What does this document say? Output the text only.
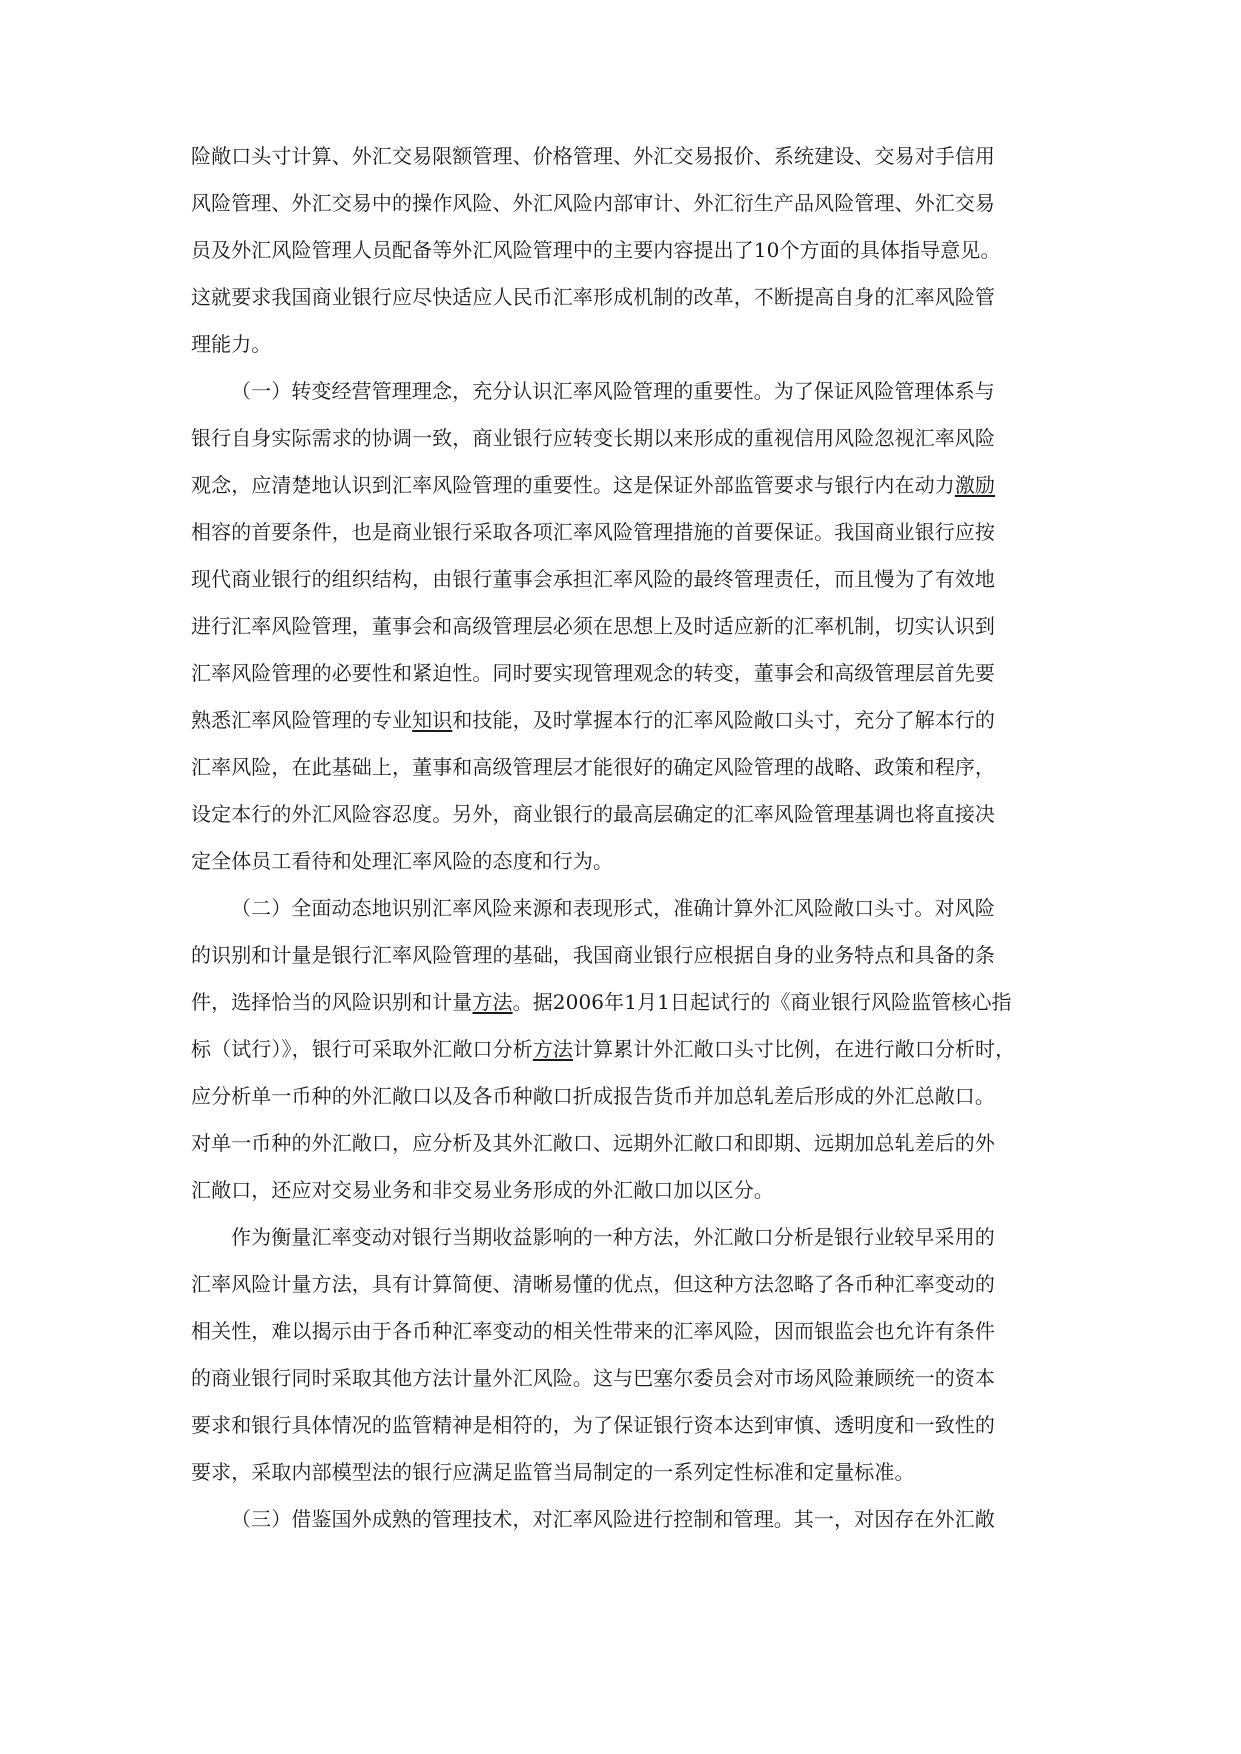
险敞口头寸计算、外汇交易限额管理、价格管理、外汇交易报价、系统建设、交易对手信用
风险管理、外汇交易中的操作风险、外汇风险内部审计、外汇衍生产品风险管理、外汇交易
员及外汇风险管理人员配备等外汇风险管理中的主要内容提出了10个方面的具体指导意见。
这就要求我国商业银行应尽快适应人民币汇率形成机制的改革，不断提高自身的汇率风险管
理能力。
（一）转变经营管理理念，充分认识汇率风险管理的重要性。为了保证风险管理体系与
银行自身实际需求的协调一致，商业银行应转变长期以来形成的重视信用风险忽视汇率风险
观念，应清楚地认识到汇率风险管理的重要性。这是保证外部监管要求与银行内在动力激励
相容的首要条件，也是商业银行采取各项汇率风险管理措施的首要保证。我国商业银行应按
现代商业银行的组织结构，由银行董事会承担汇率风险的最终管理责任，而且慢为了有效地
进行汇率风险管理，董事会和高级管理层必须在思想上及时适应新的汇率机制，切实认识到
汇率风险管理的必要性和紧迫性。同时要实现管理观念的转变，董事会和高级管理层首先要
熟悉汇率风险管理的专业知识和技能，及时掌握本行的汇率风险敞口头寸，充分了解本行的
汇率风险，在此基础上，董事和高级管理层才能很好的确定风险管理的战略、政策和程序，
设定本行的外汇风险容忍度。另外，商业银行的最高层确定的汇率风险管理基调也将直接决
定全体员工看待和处理汇率风险的态度和行为。
（二）全面动态地识别汇率风险来源和表现形式，准确计算外汇风险敞口头寸。对风险
的识别和计量是银行汇率风险管理的基础，我国商业银行应根据自身的业务特点和具备的条
件，选择恰当的风险识别和计量方法。据2006年1月1日起试行的《商业银行风险监管核心指
标（试行）》，银行可采取外汇敞口分析方法计算累计外汇敞口头寸比例，在进行敞口分析时，
应分析单一币种的外汇敞口以及各币种敞口折成报告货币并加总轧差后形成的外汇总敞口。
对单一币种的外汇敞口，应分析及其外汇敞口、远期外汇敞口和即期、远期加总轧差后的外
汇敞口，还应对交易业务和非交易业务形成的外汇敞口加以区分。
作为衡量汇率变动对银行当期收益影响的一种方法，外汇敞口分析是银行业较早采用的
汇率风险计量方法，具有计算简便、清晰易懂的优点，但这种方法忽略了各币种汇率变动的
相关性，难以揭示由于各币种汇率变动的相关性带来的汇率风险，因而银监会也允许有条件
的商业银行同时采取其他方法计量外汇风险。这与巴塞尔委员会对市场风险兼顾统一的资本
要求和银行具体情况的监管精神是相符的，为了保证银行资本达到审慎、透明度和一致性的
要求，采取内部模型法的银行应满足监管当局制定的一系列定性标准和定量标准。
（三）借鉴国外成熟的管理技术，对汇率风险进行控制和管理。其一，对因存在外汇敞
